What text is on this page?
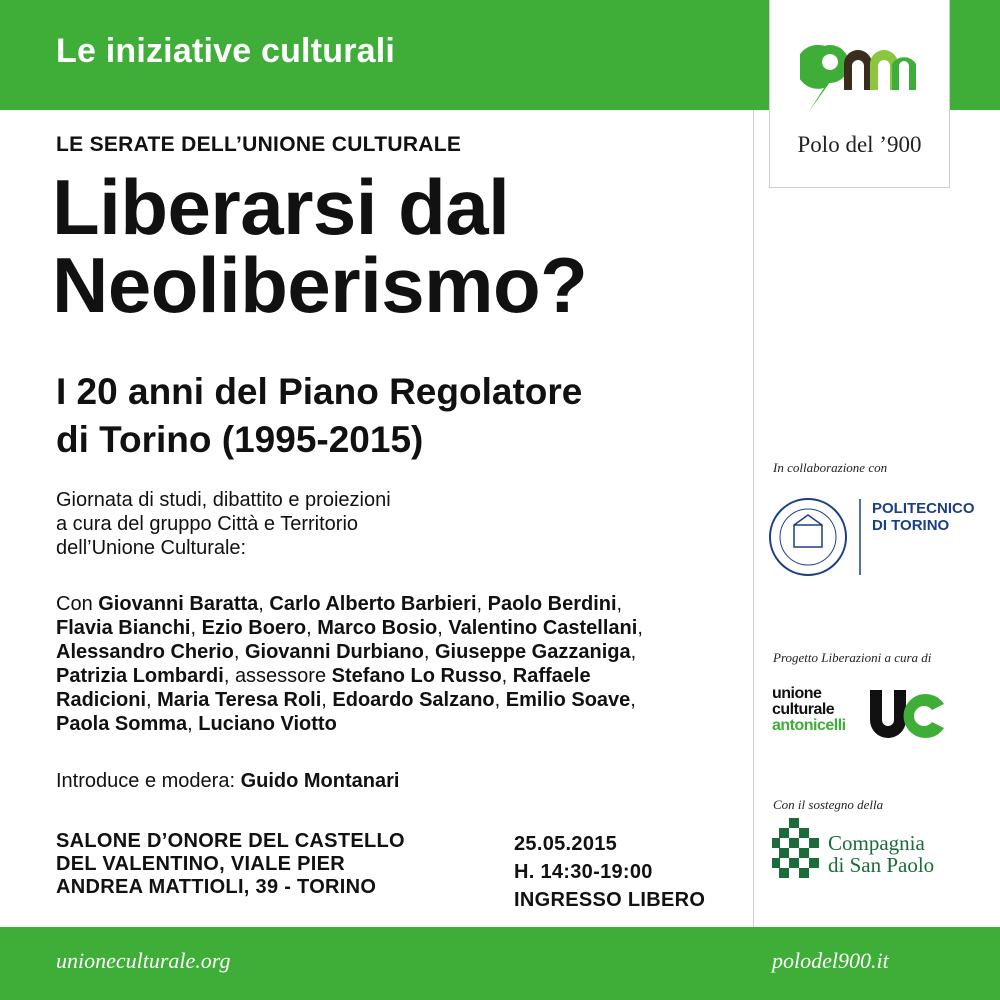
Le iniziative culturali
Polo del ’900
LE SERATE DELL’UNIONE CULTURALE
Liberarsi dal
Neoliberismo?
I 20 anni del Piano Regolatore
di Torino (1995-2015)
Giornata di studi, dibattito e proiezioni
a cura del gruppo Città e Territorio
dell’Unione Culturale:
Con Giovanni Baratta, Carlo Alberto Barbieri, Paolo Berdini,
Flavia Bianchi, Ezio Boero, Marco Bosio, Valentino Castellani,
Alessandro Cherio, Giovanni Durbiano, Giuseppe Gazzaniga,
Patrizia Lombardi, assessore Stefano Lo Russo, Raffaele
Radicioni, Maria Teresa Roli, Edoardo Salzano, Emilio Soave,
Paola Somma, Luciano Viotto
Introduce e modera: Guido Montanari
SALONE D’ONORE DEL CASTELLO
DEL VALENTINO, VIALE PIER
ANDREA MATTIOLI, 39 - TORINO
25.05.2015
H. 14:30-19:00
INGRESSO LIBERO
In collaborazione con
POLITECNICO
DI TORINO
Progetto Liberazioni a cura di
unione
culturale
antonicelli
Con il sostegno della
Compagnia
di San Paolo
unioneculturale.org	polodel900.it
